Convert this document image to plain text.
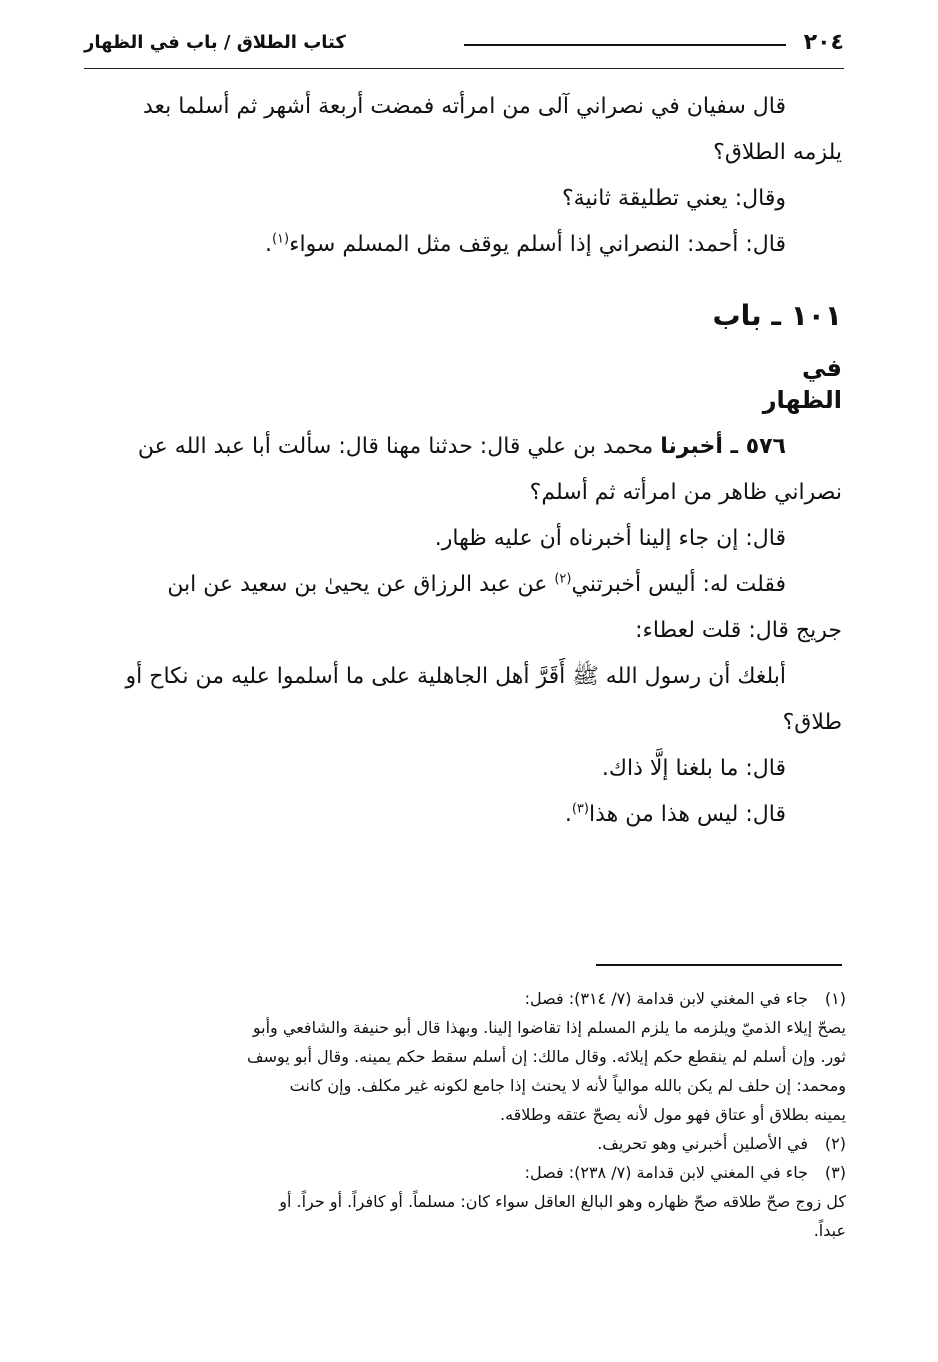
٢٠٤
كتاب الطلاق / باب في الظهار

قال سفيان في نصراني آلى من امرأته فمضت أربعة أشهر ثم أسلما بعد

يلزمه الطلاق؟

وقال: يعني تطليقة ثانية؟

قال: أحمد: النصراني إذا أسلم يوقف مثل المسلم سواء$^{(١)}$.

١٠١ ـ باب

في

الظهار

٥٧٦ ـ أخبرنا محمد بن علي قال: حدثنا مهنا قال: سألت أبا عبد الله عن

نصراني ظاهر من امرأته ثم أسلم؟

قال: إن جاء إلينا أخبرناه أن عليه ظهار.

فقلت له: أليس أخبرتني$^{(٢)}$ عن عبد الرزاق عن يحيىٰ بن سعيد عن ابن

جريج قال: قلت لعطاء:

أبلغك أن رسول الله ﷺ أَقَرَّ أهل الجاهلية على ما أسلموا عليه من نكاح أو

طلاق؟

قال: ما بلغنا إلَّا ذاك.

قال: ليس هذا من هذا$^{(٣)}$.

(١)

جاء في المغني لابن قدامة (٧/ ٣١٤): فصل:

يصحّ إيلاء الذميّ ويلزمه ما يلزم المسلم إذا تقاضوا إلينا. وبهذا قال أبو حنيفة والشافعي وأبو

ثور. وإن أسلم لم ينقطع حكم إيلائه. وقال مالك: إن أسلم سقط حكم يمينه. وقال أبو يوسف

ومحمد: إن حلف لم يكن بالله موالياً لأنه لا يحنث إذا جامع لكونه غير مكلف. وإن كانت

يمينه بطلاق أو عتاق فهو مول لأنه يصحّ عتقه وطلاقه.

(٢)

في الأصلين أخبرني وهو تحريف.

(٣)

جاء في المغني لابن قدامة (٧/ ٢٣٨): فصل:

كل زوج صحّ طلاقه صحّ ظهاره وهو البالغ العاقل سواء كان: مسلماً. أو كافراً. أو حراً. أو

عبداً.
